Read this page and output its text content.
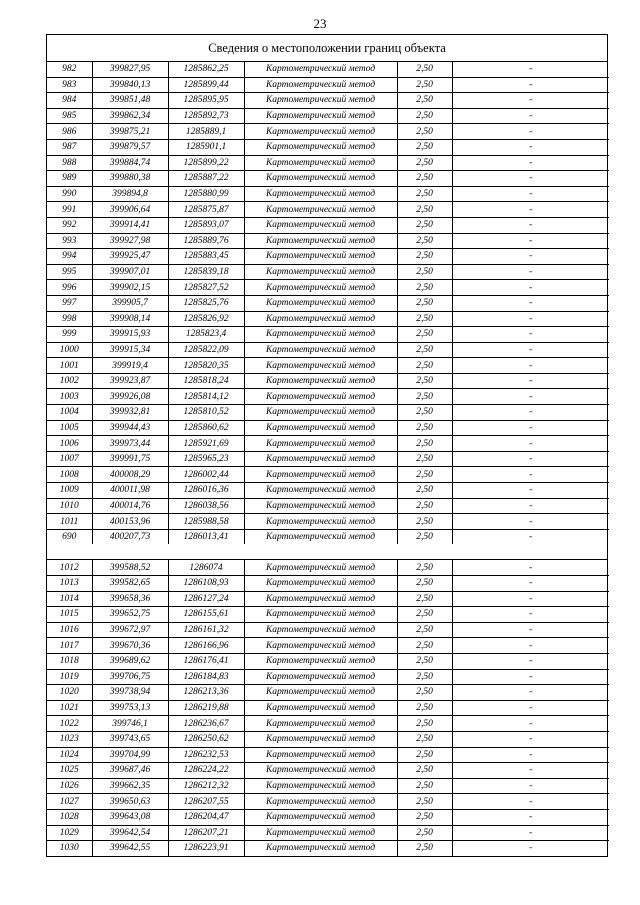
23
Сведения о местоположении границ объекта
982	399827,95	1285862,25	Картометрический метод	2,50	-
983	399840,13	1285899,44	Картометрический метод	2,50	-
984	399851,48	1285895,95	Картометрический метод	2,50	-
985	399862,34	1285892,73	Картометрический метод	2,50	-
986	399875,21	1285889,1	Картометрический метод	2,50	-
987	399879,57	1285901,1	Картометрический метод	2,50	-
988	399884,74	1285899,22	Картометрический метод	2,50	-
989	399880,38	1285887,22	Картометрический метод	2,50	-
990	399894,8	1285880,99	Картометрический метод	2,50	-
991	399906,64	1285875,87	Картометрический метод	2,50	-
992	399914,41	1285893,07	Картометрический метод	2,50	-
993	399927,98	1285889,76	Картометрический метод	2,50	-
994	399925,47	1285883,45	Картометрический метод	2,50	-
995	399907,01	1285839,18	Картометрический метод	2,50	-
996	399902,15	1285827,52	Картометрический метод	2,50	-
997	399905,7	1285825,76	Картометрический метод	2,50	-
998	399908,14	1285826,92	Картометрический метод	2,50	-
999	399915,93	1285823,4	Картометрический метод	2,50	-
1000	399915,34	1285822,09	Картометрический метод	2,50	-
1001	399919,4	1285820,35	Картометрический метод	2,50	-
1002	399923,87	1285818,24	Картометрический метод	2,50	-
1003	399926,08	1285814,12	Картометрический метод	2,50	-
1004	399932,81	1285810,52	Картометрический метод	2,50	-
1005	399944,43	1285860,62	Картометрический метод	2,50	-
1006	399973,44	1285921,69	Картометрический метод	2,50	-
1007	399991,75	1285965,23	Картометрический метод	2,50	-
1008	400008,29	1286002,44	Картометрический метод	2,50	-
1009	400011,98	1286016,36	Картометрический метод	2,50	-
1010	400014,76	1286038,56	Картометрический метод	2,50	-
1011	400153,96	1285988,58	Картометрический метод	2,50	-
690	400207,73	1286013,41	Картометрический метод	2,50	-
1012	399588,52	1286074	Картометрический метод	2,50	-
1013	399582,65	1286108,93	Картометрический метод	2,50	-
1014	399658,36	1286127,24	Картометрический метод	2,50	-
1015	399652,75	1286155,61	Картометрический метод	2,50	-
1016	399672,97	1286161,32	Картометрический метод	2,50	-
1017	399670,36	1286166,96	Картометрический метод	2,50	-
1018	399689,62	1286176,41	Картометрический метод	2,50	-
1019	399706,75	1286184,83	Картометрический метод	2,50	-
1020	399738,94	1286213,36	Картометрический метод	2,50	-
1021	399753,13	1286219,88	Картометрический метод	2,50	-
1022	399746,1	1286236,67	Картометрический метод	2,50	-
1023	399743,65	1286250,62	Картометрический метод	2,50	-
1024	399704,99	1286232,53	Картометрический метод	2,50	-
1025	399687,46	1286224,22	Картометрический метод	2,50	-
1026	399662,35	1286212,32	Картометрический метод	2,50	-
1027	399650,63	1286207,55	Картометрический метод	2,50	-
1028	399643,08	1286204,47	Картометрический метод	2,50	-
1029	399642,54	1286207,21	Картометрический метод	2,50	-
1030	399642,55	1286223,91	Картометрический метод	2,50	-
